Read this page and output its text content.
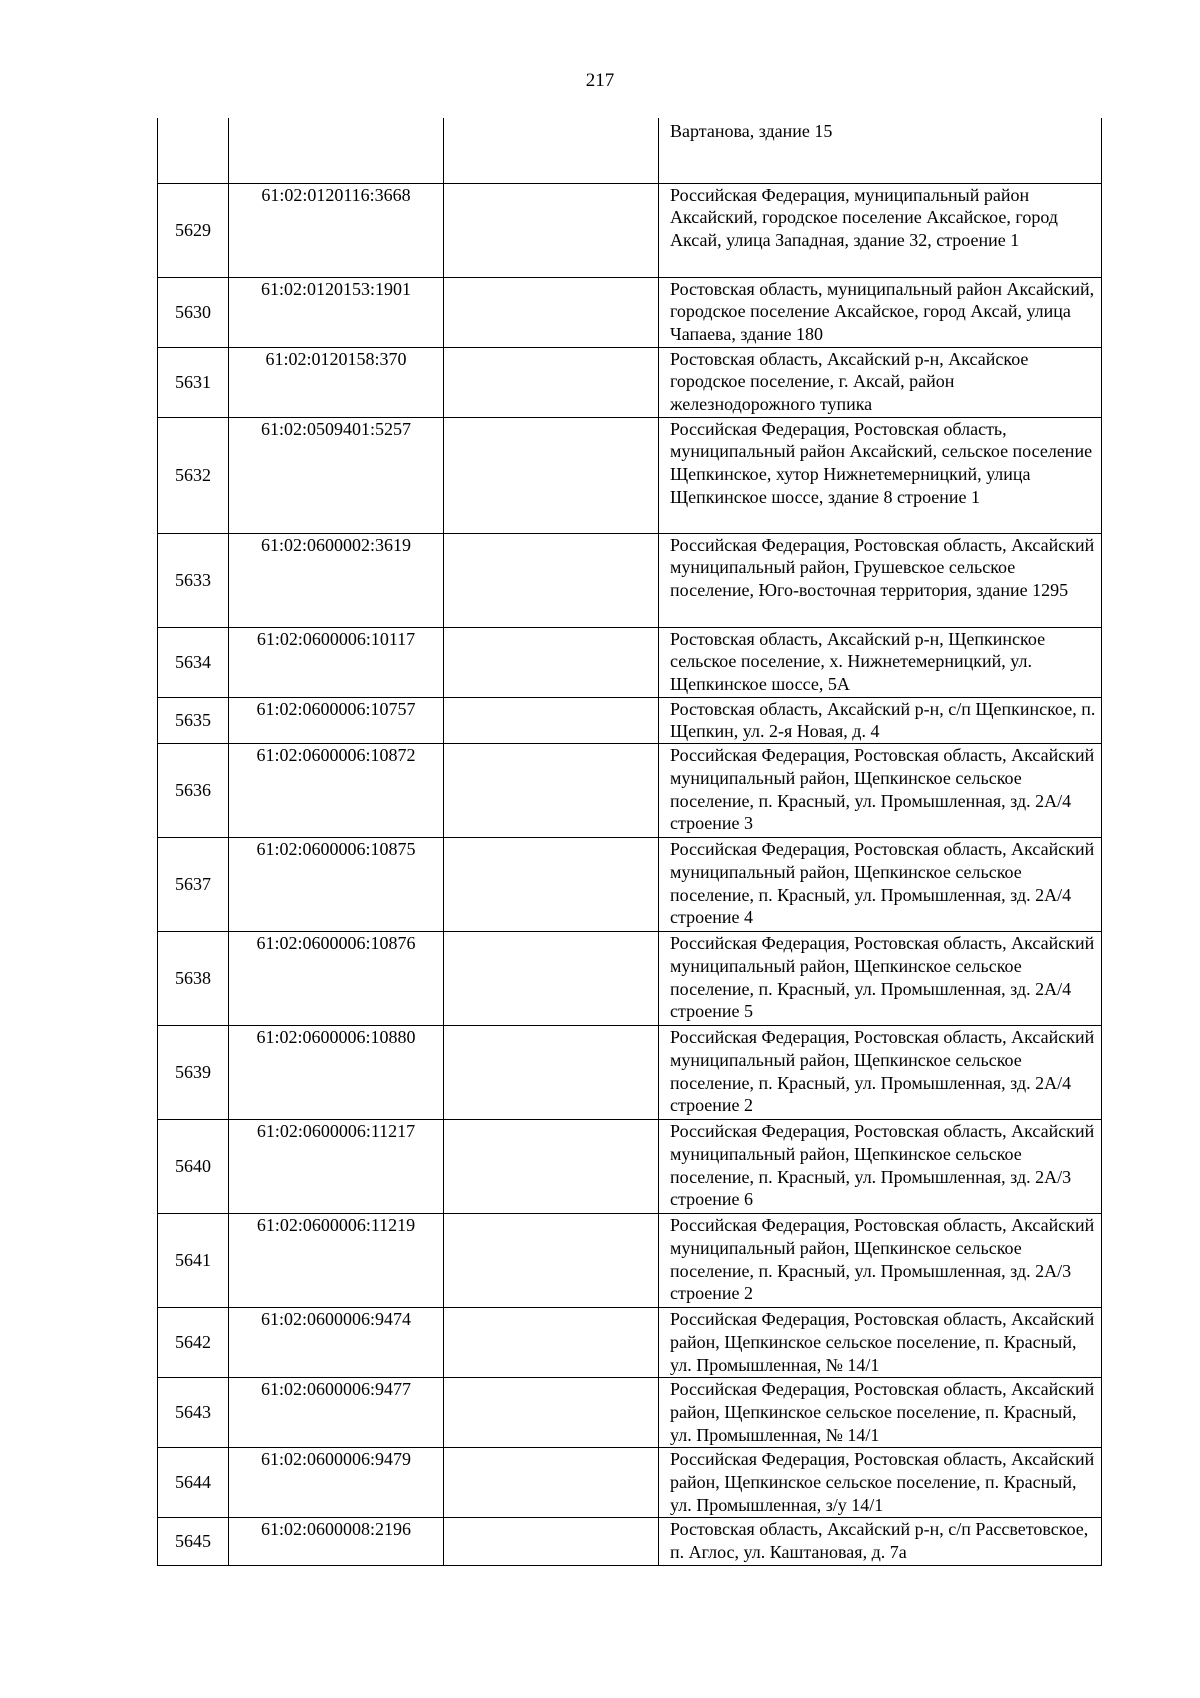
217
			Вартанова, здание 15
5629	61:02:0120116:3668		Российская Федерация, муниципальный район Аксайский, городское поселение Аксайское, город Аксай, улица Западная, здание 32, строение 1
5630	61:02:0120153:1901		Ростовская область, муниципальный район Аксайский, городское поселение Аксайское, город Аксай, улица Чапаева, здание 180
5631	61:02:0120158:370		Ростовская область, Аксайский р-н, Аксайское городское поселение, г. Аксай, район железнодорожного тупика
5632	61:02:0509401:5257		Российская Федерация, Ростовская область, муниципальный район Аксайский, сельское поселение Щепкинское, хутор Нижнетемерницкий, улица Щепкинское шоссе, здание 8 строение 1
5633	61:02:0600002:3619		Российская Федерация, Ростовская область, Аксайский муниципальный район, Грушевское сельское поселение, Юго-восточная территория, здание 1295
5634	61:02:0600006:10117		Ростовская область, Аксайский р-н, Щепкинское сельское поселение, х. Нижнетемерницкий, ул. Щепкинское шоссе, 5А
5635	61:02:0600006:10757		Ростовская область, Аксайский р-н, с/п Щепкинское, п. Щепкин, ул. 2-я Новая, д. 4
5636	61:02:0600006:10872		Российская Федерация, Ростовская область, Аксайский муниципальный район, Щепкинское сельское поселение, п. Красный, ул. Промышленная, зд. 2А/4 строение 3
5637	61:02:0600006:10875		Российская Федерация, Ростовская область, Аксайский муниципальный район, Щепкинское сельское поселение, п. Красный, ул. Промышленная, зд. 2А/4 строение 4
5638	61:02:0600006:10876		Российская Федерация, Ростовская область, Аксайский муниципальный район, Щепкинское сельское поселение, п. Красный, ул. Промышленная, зд. 2А/4 строение 5
5639	61:02:0600006:10880		Российская Федерация, Ростовская область, Аксайский муниципальный район, Щепкинское сельское поселение, п. Красный, ул. Промышленная, зд. 2А/4 строение 2
5640	61:02:0600006:11217		Российская Федерация, Ростовская область, Аксайский муниципальный район, Щепкинское сельское поселение, п. Красный, ул. Промышленная, зд. 2А/3 строение 6
5641	61:02:0600006:11219		Российская Федерация, Ростовская область, Аксайский муниципальный район, Щепкинское сельское поселение, п. Красный, ул. Промышленная, зд. 2А/3 строение 2
5642	61:02:0600006:9474		Российская Федерация, Ростовская область, Аксайский район, Щепкинское сельское поселение, п. Красный, ул. Промышленная, № 14/1
5643	61:02:0600006:9477		Российская Федерация, Ростовская область, Аксайский район, Щепкинское сельское поселение, п. Красный, ул. Промышленная, № 14/1
5644	61:02:0600006:9479		Российская Федерация, Ростовская область, Аксайский район, Щепкинское сельское поселение, п. Красный, ул. Промышленная, з/у 14/1
5645	61:02:0600008:2196		Ростовская область, Аксайский р-н, с/п Рассветовское, п. Аглос, ул. Каштановая, д. 7а
